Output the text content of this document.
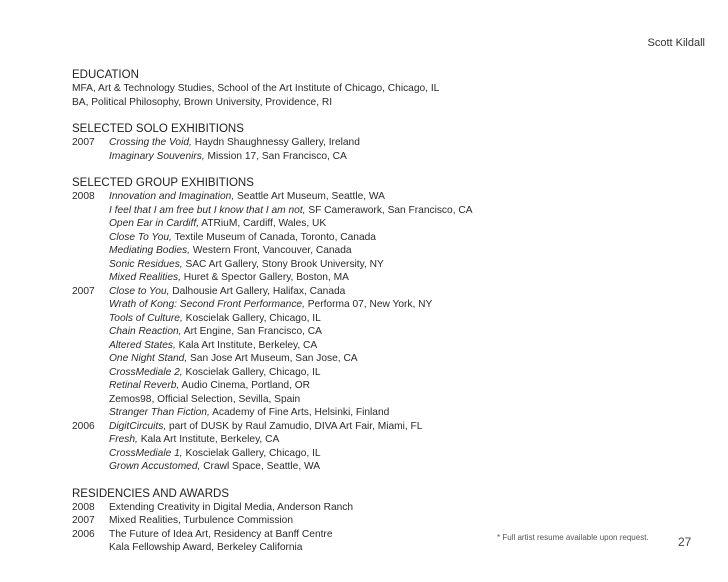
Scott Kildall
EDUCATION
MFA, Art & Technology Studies, School of the Art Institute of Chicago, Chicago, IL
BA, Political Philosophy, Brown University, Providence, RI
SELECTED SOLO EXHIBITIONS
2007	Crossing the Void, Haydn Shaughnessy Gallery, Ireland
Imaginary Souvenirs, Mission 17, San Francisco, CA
SELECTED GROUP EXHIBITIONS
2008	Innovation and Imagination, Seattle Art Museum, Seattle, WA
I feel that I am free but I know that I am not, SF Camerawork, San Francisco, CA
Open Ear in Cardiff, ATRiuM, Cardiff, Wales, UK
Close To You, Textile Museum of Canada, Toronto, Canada
Mediating Bodies, Western Front, Vancouver, Canada
Sonic Residues, SAC Art Gallery, Stony Brook University, NY
Mixed Realities, Huret & Spector Gallery, Boston, MA
2007	Close to You, Dalhousie Art Gallery, Halifax, Canada
Wrath of Kong: Second Front Performance, Performa 07, New York, NY
Tools of Culture, Koscielak Gallery, Chicago, IL
Chain Reaction, Art Engine, San Francisco, CA
Altered States, Kala Art Institute, Berkeley, CA
One Night Stand, San Jose Art Museum, San Jose, CA
CrossMediale 2, Koscielak Gallery, Chicago, IL
Retinal Reverb, Audio Cinema, Portland, OR
Zemos98, Official Selection, Sevilla, Spain
Stranger Than Fiction, Academy of Fine Arts, Helsinki, Finland
2006	DigitCircuits, part of DUSK by Raul Zamudio, DIVA Art Fair, Miami, FL
Fresh, Kala Art Institute, Berkeley, CA
CrossMediale 1, Koscielak Gallery, Chicago, IL
Grown Accustomed, Crawl Space, Seattle, WA
RESIDENCIES AND AWARDS
2008	Extending Creativity in Digital Media, Anderson Ranch
2007	Mixed Realities, Turbulence Commission
2006	The Future of Idea Art, Residency at Banff Centre
Kala Fellowship Award, Berkeley California
* Full artist resume available upon request. 27
